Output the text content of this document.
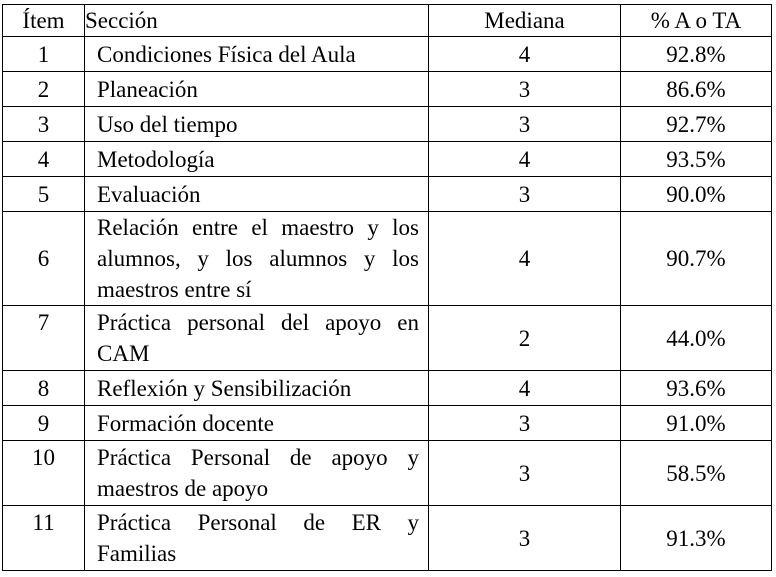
Ítem	Sección	Mediana	% A o TA
1	Condiciones Física del Aula	4	92.8%
2	Planeación	3	86.6%
3	Uso del tiempo	3	92.7%
4	Metodología	4	93.5%
5	Evaluación	3	90.0%
6	Relación entre el maestro y los alumnos, y los alumnos y los maestros entre sí	4	90.7%
7	Práctica personal del apoyo en CAM	2	44.0%
8	Reflexión y Sensibilización	4	93.6%
9	Formación docente	3	91.0%
10	Práctica Personal de apoyo y maestros de apoyo	3	58.5%
11	Práctica Personal de ER y Familias	3	91.3%
